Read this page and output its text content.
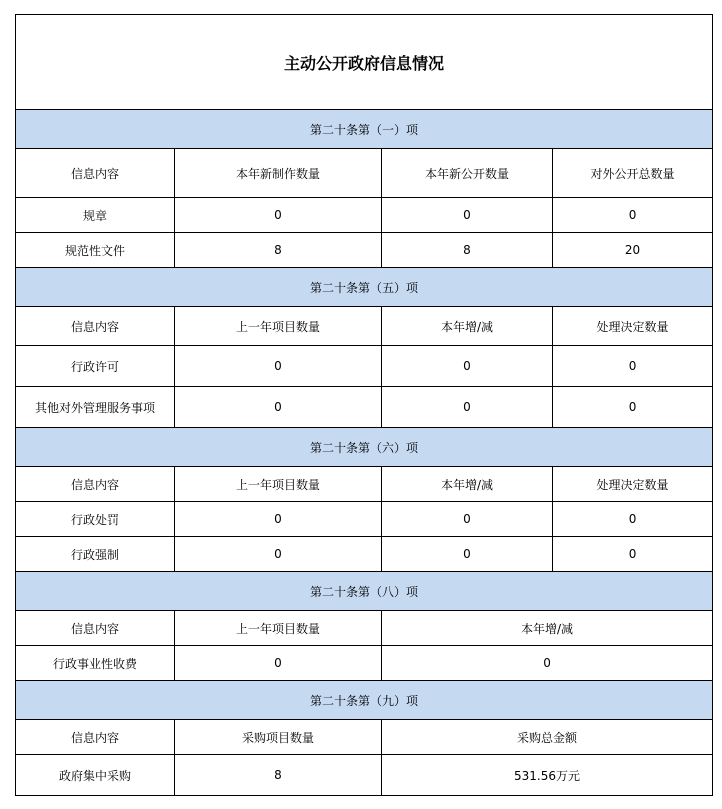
主动公开政府信息情况			
第二十条第（一）项			
信息内容	本年新制作数量	本年新公开数量	对外公开总数量
规章	0	0	0
规范性文件	8	8	20
第二十条第（五）项			
信息内容	上一年项目数量	本年增/减	处理决定数量
行政许可	0	0	0
其他对外管理服务事项	0	0	0
第二十条第（六）项			
信息内容	上一年项目数量	本年增/减	处理决定数量
行政处罚	0	0	0
行政强制	0	0	0
第二十条第（八）项			
信息内容	上一年项目数量	本年增/减	
行政事业性收费	0	0	
第二十条第（九）项			
信息内容	采购项目数量	采购总金额	
政府集中采购	8	531.56万元	
